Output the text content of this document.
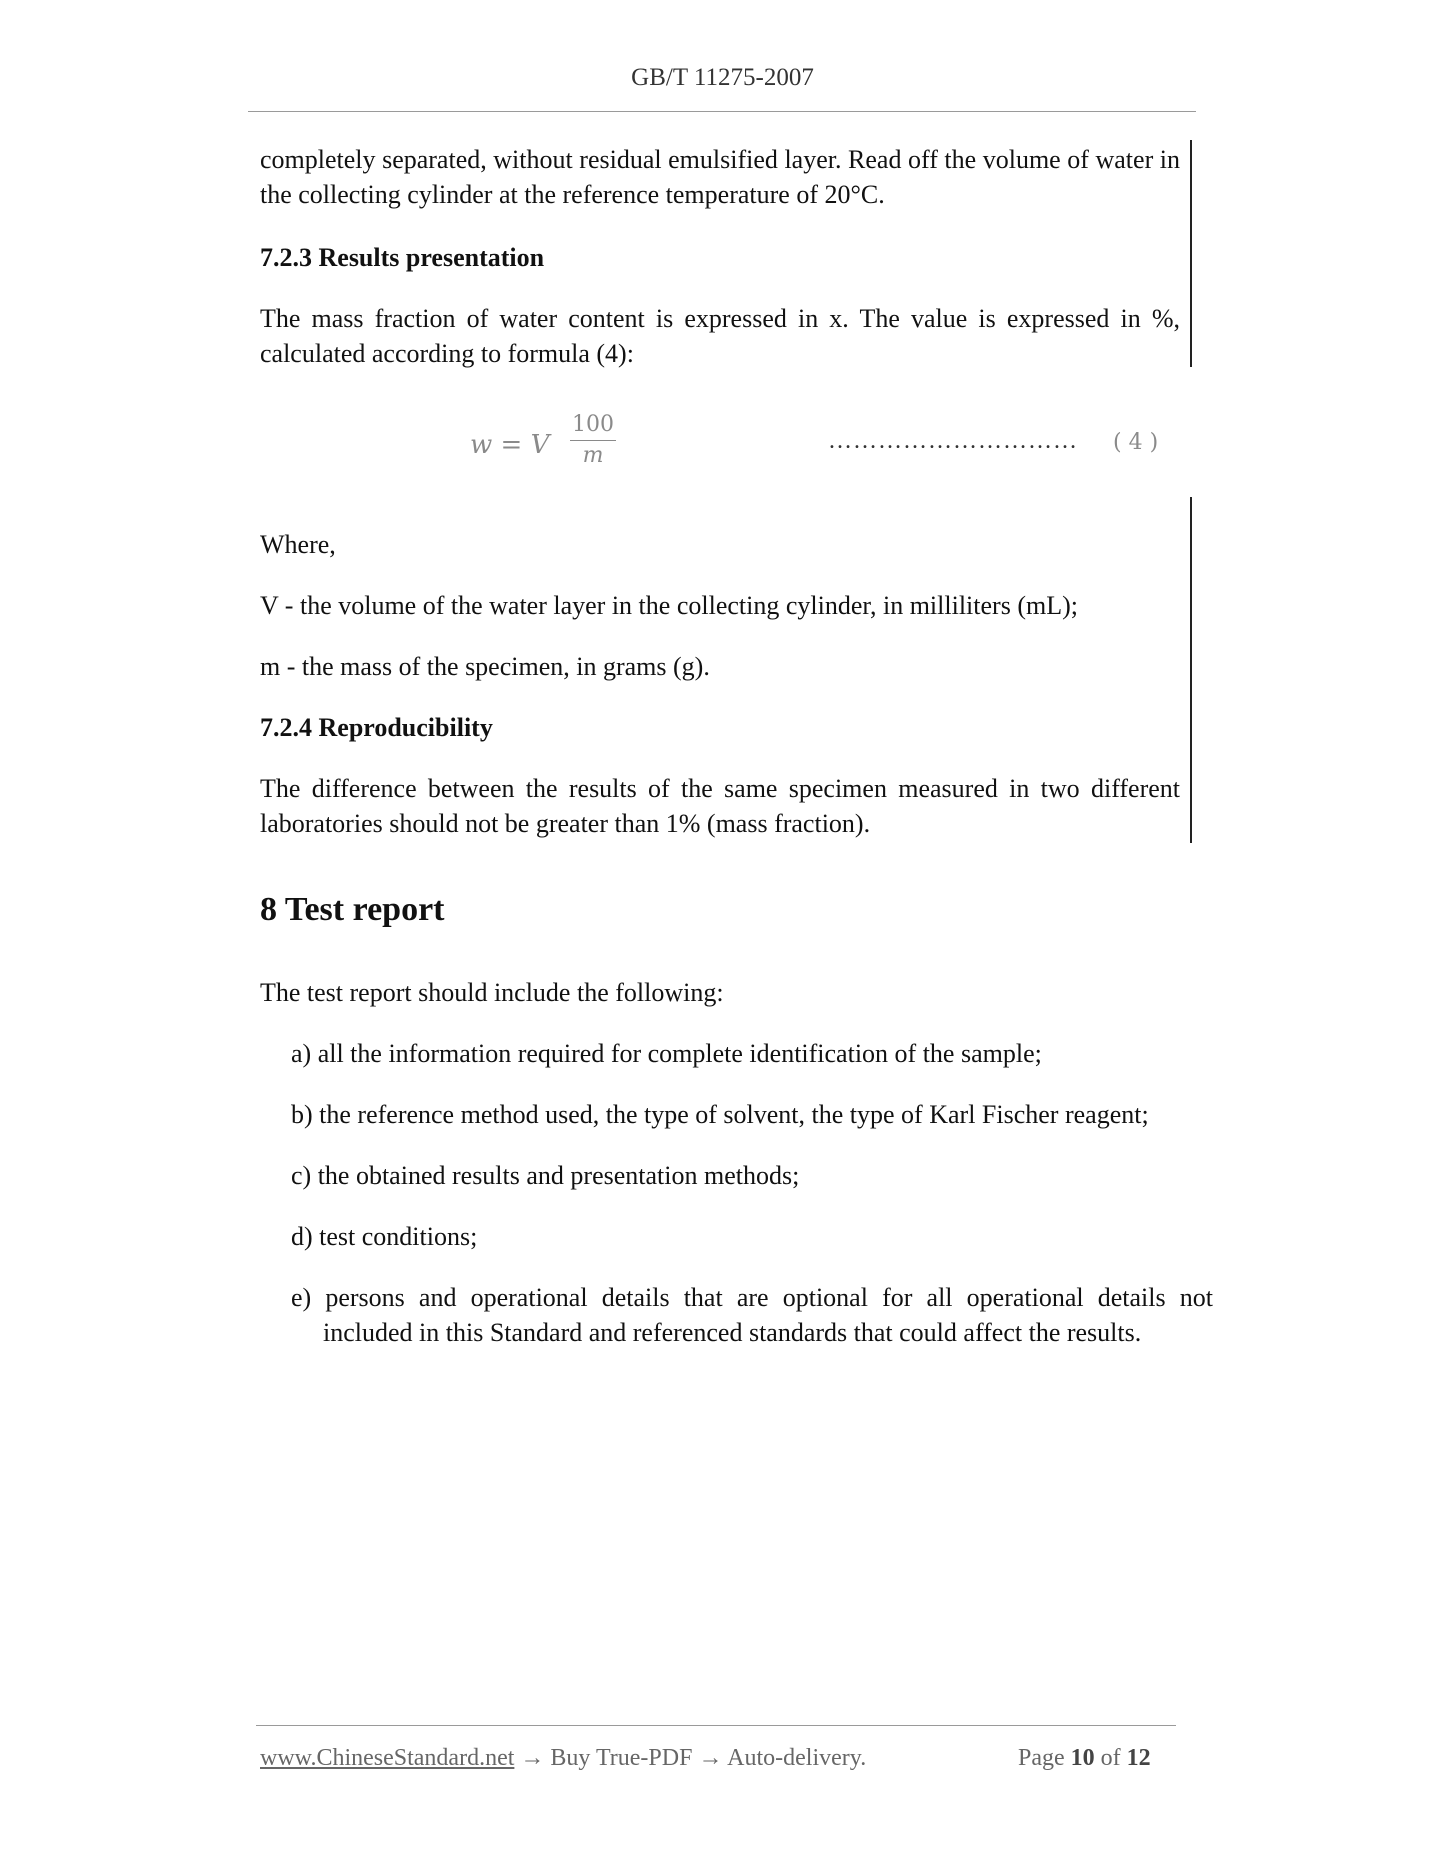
GB/T 11275-2007
completely separated, without residual emulsified layer. Read off the volume of water in the collecting cylinder at the reference temperature of 20°C.
7.2.3 Results presentation
The mass fraction of water content is expressed in x. The value is expressed in %, calculated according to formula (4):
w = V
100
m
………………………… ( 4 )
Where,
V - the volume of the water layer in the collecting cylinder, in milliliters (mL);
m - the mass of the specimen, in grams (g).
7.2.4 Reproducibility
The difference between the results of the same specimen measured in two different laboratories should not be greater than 1% (mass fraction).
8 Test report
The test report should include the following:
a) all the information required for complete identification of the sample;
b) the reference method used, the type of solvent, the type of Karl Fischer reagent;
c) the obtained results and presentation methods;
d) test conditions;
e) persons and operational details that are optional for all operational details not included in this Standard and referenced standards that could affect the results.
www.ChineseStandard.net → Buy True-PDF → Auto-delivery.	Page 10 of 12
